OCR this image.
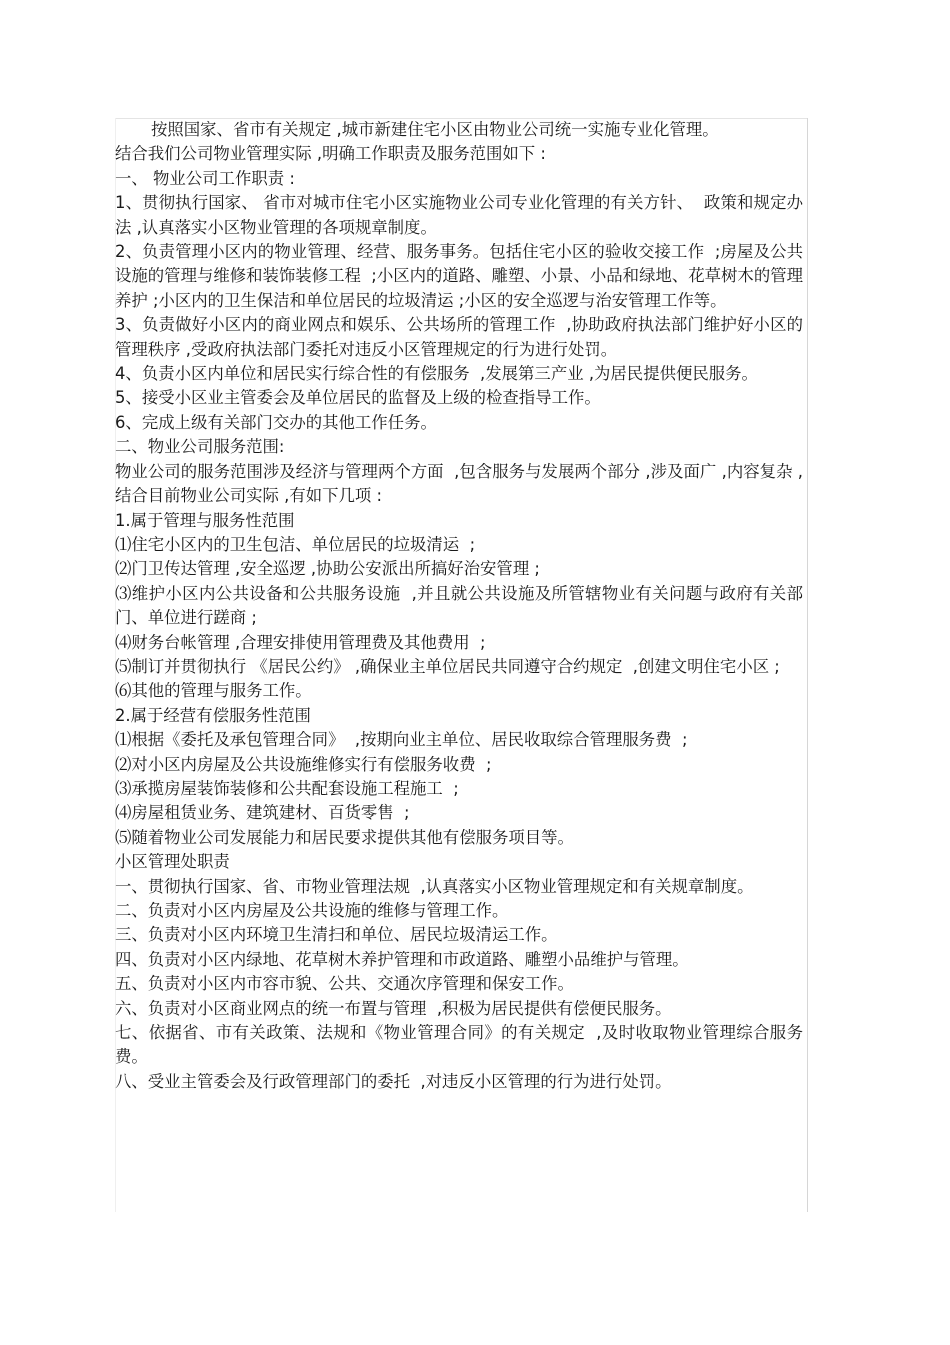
按照国家、省市有关规定 ,城市新建住宅小区由物业公司统一实施专业化管理。

结合我们公司物业管理实际 ,明确工作职责及服务范围如下 :

一、 物业公司工作职责 :

1、贯彻执行国家、 省市对城市住宅小区实施物业公司专业化管理的有关方针、  政策和规定办法 ,认真落实小区物业管理的各项规章制度。

2、负责管理小区内的物业管理、经营、服务事务。包括住宅小区的验收交接工作  ;房屋及公共设施的管理与维修和装饰装修工程  ;小区内的道路、雕塑、小景、小品和绿地、花草树木的管理养护 ;小区内的卫生保洁和单位居民的垃圾清运 ;小区的安全巡逻与治安管理工作等。

3、负责做好小区内的商业网点和娱乐、公共场所的管理工作  ,协助政府执法部门维护好小区的管理秩序 ,受政府执法部门委托对违反小区管理规定的行为进行处罚。

4、负责小区内单位和居民实行综合性的有偿服务  ,发展第三产业 ,为居民提供便民服务。

5、接受小区业主管委会及单位居民的监督及上级的检查指导工作。

6、完成上级有关部门交办的其他工作任务。

二、物业公司服务范围:

物业公司的服务范围涉及经济与管理两个方面  ,包含服务与发展两个部分 ,涉及面广 ,内容复杂 ,结合目前物业公司实际 ,有如下几项 :

1.属于管理与服务性范围

⑴住宅小区内的卫生包洁、单位居民的垃圾清运  ;

⑵门卫传达管理 ,安全巡逻 ,协助公安派出所搞好治安管理 ;

⑶维护小区内公共设备和公共服务设施  ,并且就公共设施及所管辖物业有关问题与政府有关部门、单位进行蹉商 ;

⑷财务台帐管理 ,合理安排使用管理费及其他费用  ;

⑸制订并贯彻执行 《居民公约》 ,确保业主单位居民共同遵守合约规定  ,创建文明住宅小区 ;

⑹其他的管理与服务工作。

2.属于经营有偿服务性范围

⑴根据《委托及承包管理合同》  ,按期向业主单位、居民收取综合管理服务费  ;

⑵对小区内房屋及公共设施维修实行有偿服务收费  ;

⑶承揽房屋装饰装修和公共配套设施工程施工  ;

⑷房屋租赁业务、建筑建材、百货零售  ;

⑸随着物业公司发展能力和居民要求提供其他有偿服务项目等。

小区管理处职责

一、贯彻执行国家、省、市物业管理法规  ,认真落实小区物业管理规定和有关规章制度。

二、负责对小区内房屋及公共设施的维修与管理工作。

三、负责对小区内环境卫生清扫和单位、居民垃圾清运工作。

四、负责对小区内绿地、花草树木养护管理和市政道路、雕塑小品维护与管理。

五、负责对小区内市容市貌、公共、交通次序管理和保安工作。

六、负责对小区商业网点的统一布置与管理  ,积极为居民提供有偿便民服务。

七、依据省、市有关政策、法规和《物业管理合同》的有关规定  ,及时收取物业管理综合服务费。

八、受业主管委会及行政管理部门的委托  ,对违反小区管理的行为进行处罚。
